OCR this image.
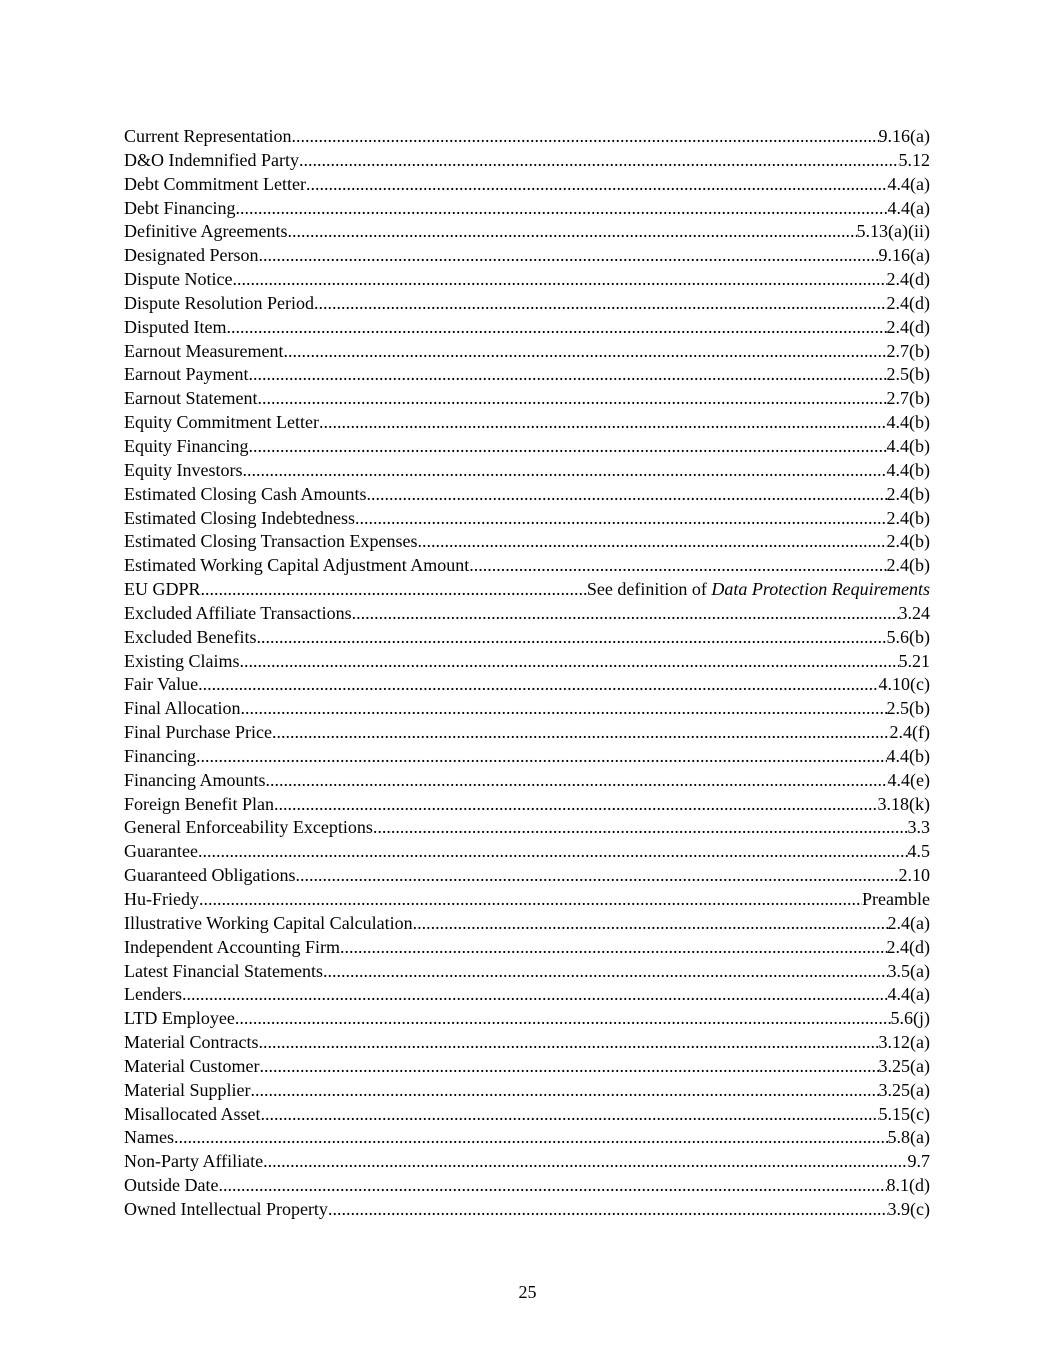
Current Representation .....	9.16(a)
D&O Indemnified Party .....	5.12
Debt Commitment Letter .....	4.4(a)
Debt Financing .....	4.4(a)
Definitive Agreements .....	5.13(a)(ii)
Designated Person .....	9.16(a)
Dispute Notice .....	2.4(d)
Dispute Resolution Period .....	2.4(d)
Disputed Item .....	2.4(d)
Earnout Measurement .....	2.7(b)
Earnout Payment .....	2.5(b)
Earnout Statement .....	2.7(b)
Equity Commitment Letter .....	4.4(b)
Equity Financing .....	4.4(b)
Equity Investors .....	4.4(b)
Estimated Closing Cash Amounts .....	2.4(b)
Estimated Closing Indebtedness .....	2.4(b)
Estimated Closing Transaction Expenses .....	2.4(b)
Estimated Working Capital Adjustment Amount .....	2.4(b)
EU GDPR .....	See definition of Data Protection Requirements
Excluded Affiliate Transactions .....	3.24
Excluded Benefits .....	5.6(b)
Existing Claims .....	5.21
Fair Value .....	4.10(c)
Final Allocation .....	2.5(b)
Final Purchase Price .....	2.4(f)
Financing .....	4.4(b)
Financing Amounts .....	4.4(e)
Foreign Benefit Plan .....	3.18(k)
General Enforceability Exceptions .....	3.3
Guarantee .....	4.5
Guaranteed Obligations .....	2.10
Hu-Friedy .....	Preamble
Illustrative Working Capital Calculation .....	2.4(a)
Independent Accounting Firm .....	2.4(d)
Latest Financial Statements .....	3.5(a)
Lenders .....	4.4(a)
LTD Employee .....	5.6(j)
Material Contracts .....	3.12(a)
Material Customer .....	3.25(a)
Material Supplier .....	3.25(a)
Misallocated Asset .....	5.15(c)
Names .....	5.8(a)
Non-Party Affiliate .....	9.7
Outside Date .....	8.1(d)
Owned Intellectual Property .....	3.9(c)
25
